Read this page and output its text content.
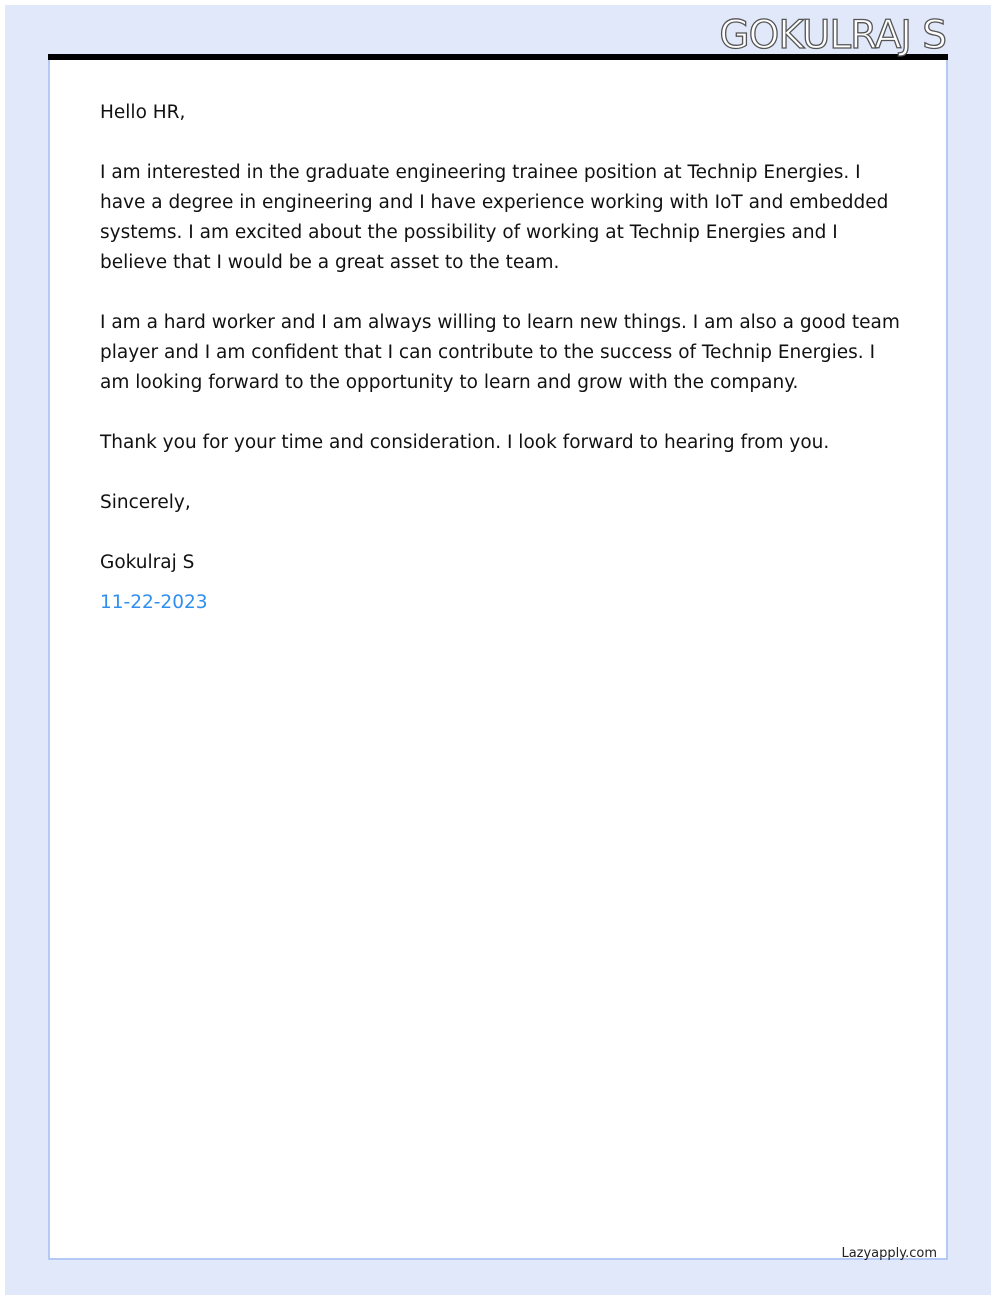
GOKULRAJ S

Hello HR,

I am interested in the graduate engineering trainee position at Technip Energies. I have a degree in engineering and I have experience working with IoT and embedded systems. I am excited about the possibility of working at Technip Energies and I believe that I would be a great asset to the team.

I am a hard worker and I am always willing to learn new things. I am also a good team player and I am confident that I can contribute to the success of Technip Energies. I am looking forward to the opportunity to learn and grow with the company.

Thank you for your time and consideration. I look forward to hearing from you.

Sincerely,

Gokulraj S

11-22-2023

Lazyapply.com
